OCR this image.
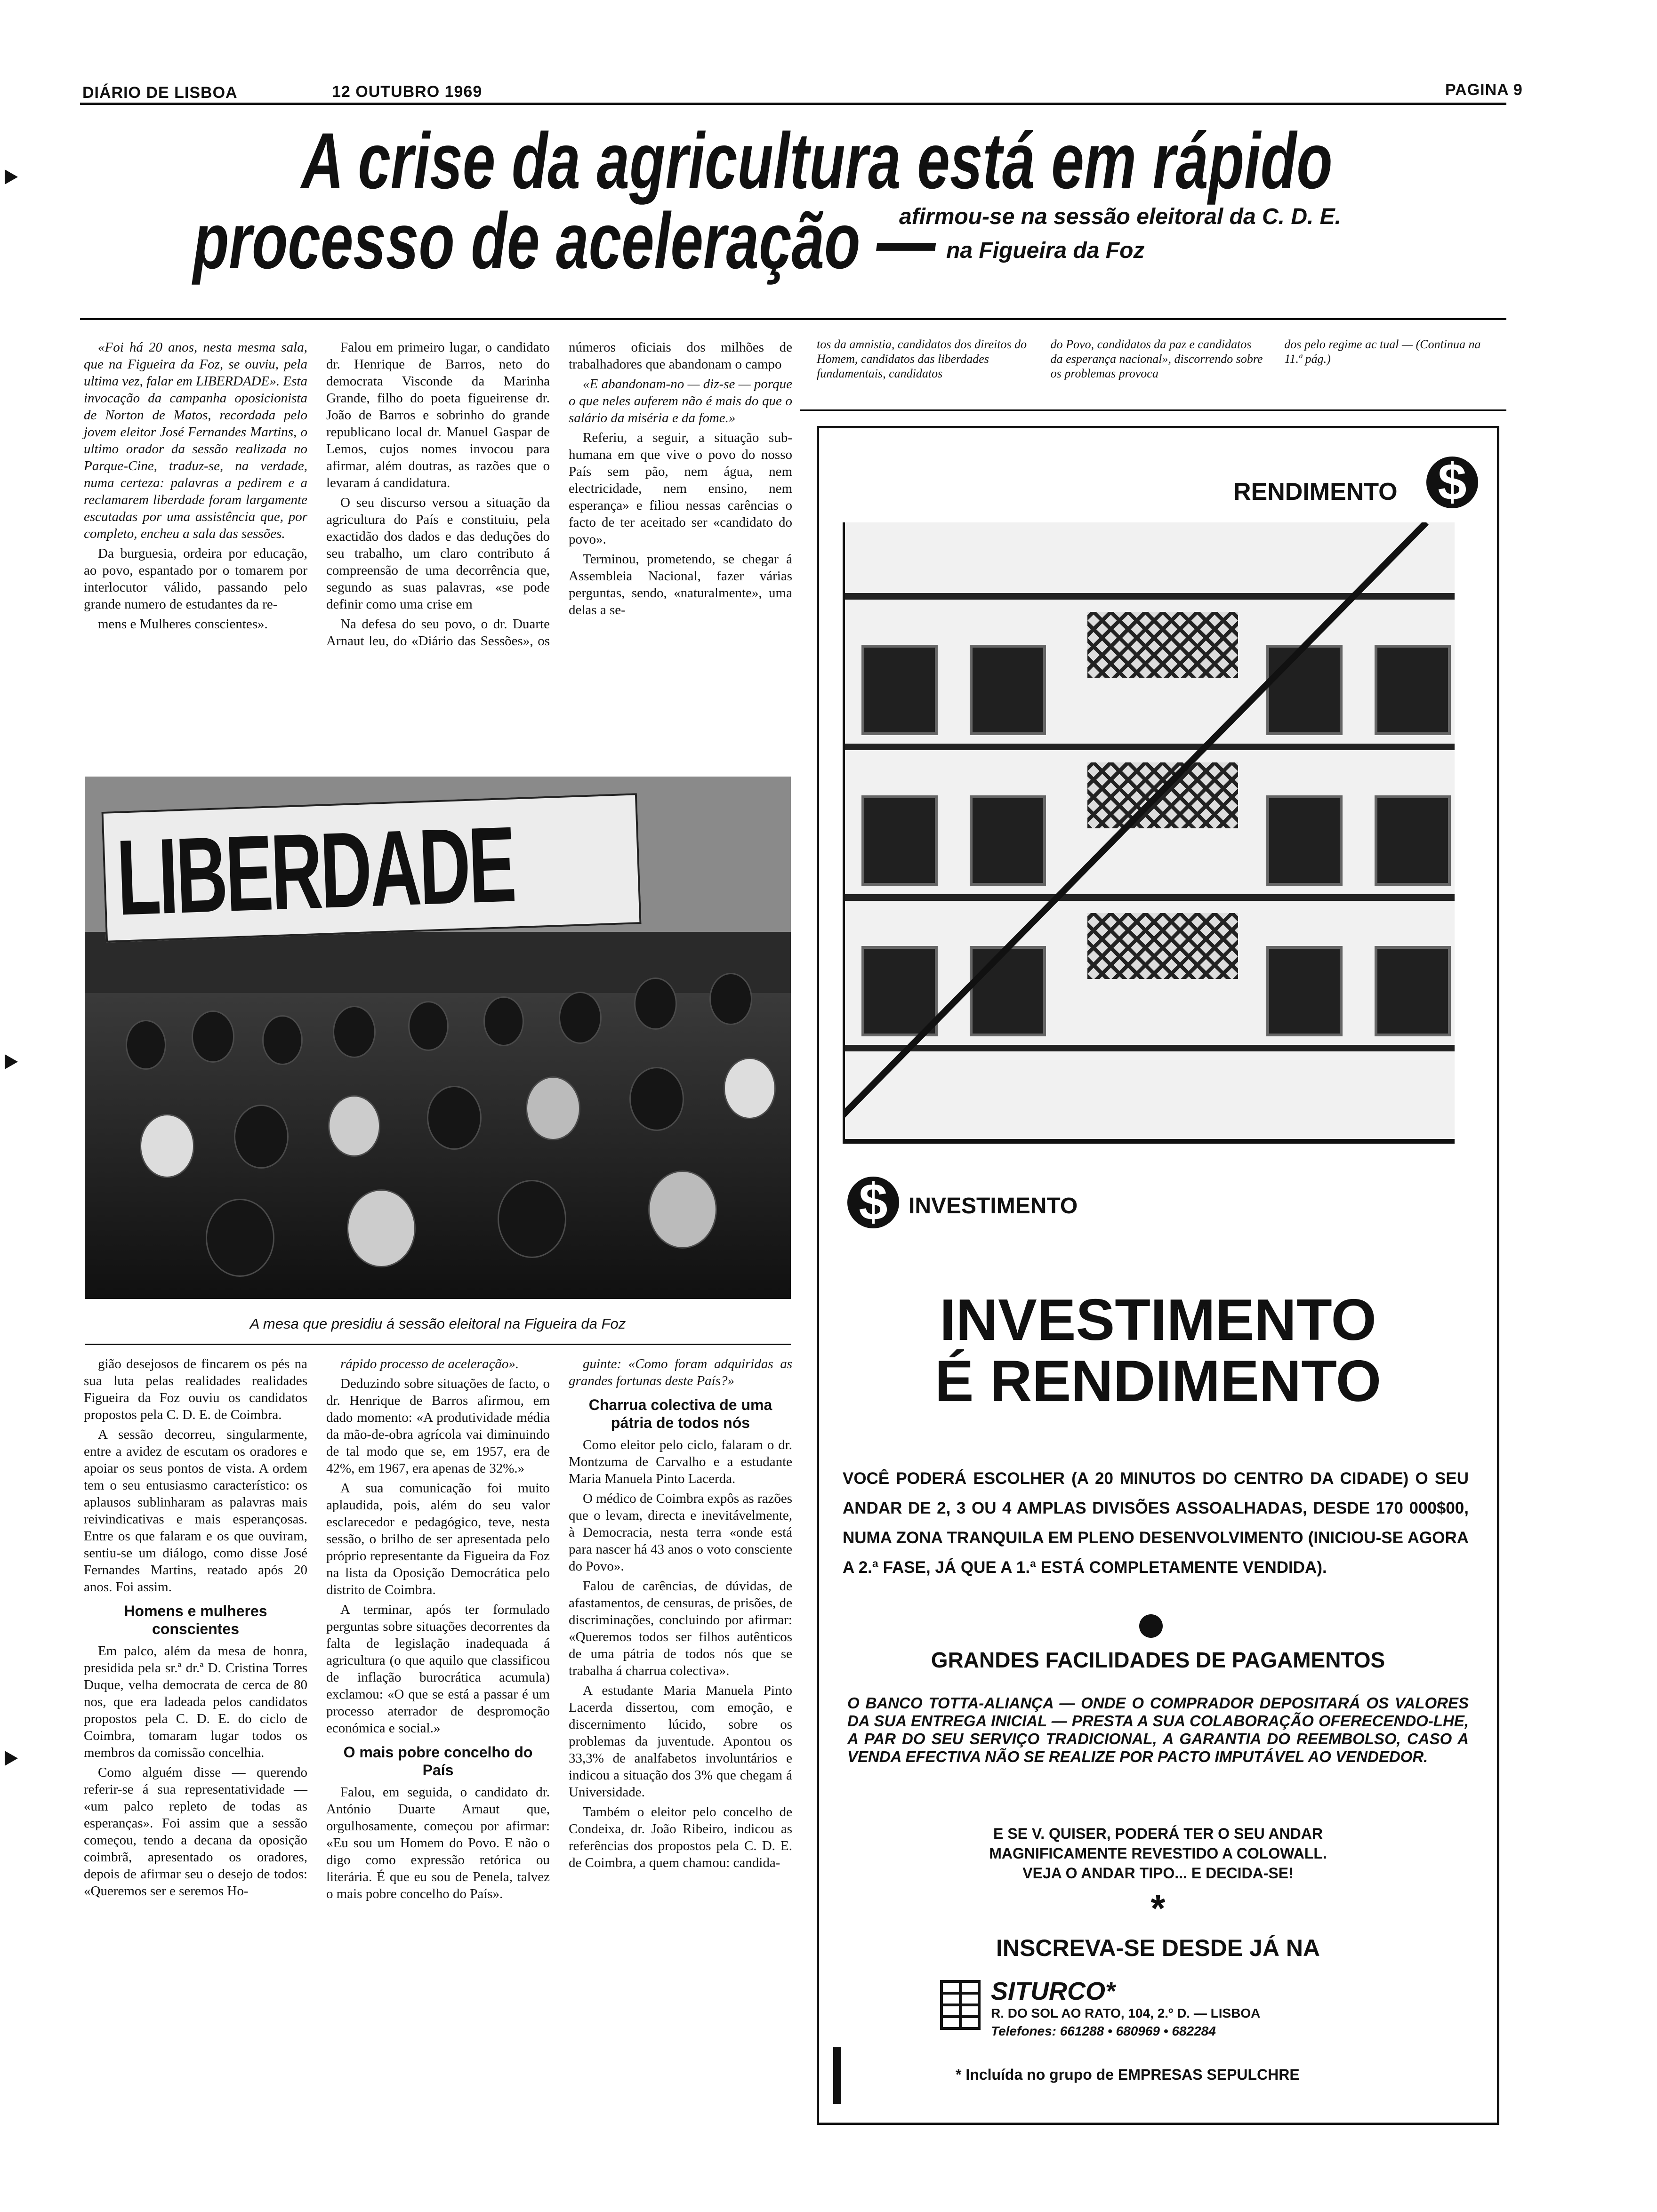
DIÁRIO DE LISBOA	12 OUTUBRO 1969	PAGINA 9
A crise da agricultura está em rápido
processo de aceleração —
afirmou-se na sessão eleitoral da C. D. E.
na Figueira da Foz

«Foi há 20 anos, nesta mesma sala, que na Figueira da Foz, se ouviu, pela ultima vez, falar em LIBERDADE». Esta invocação da campanha oposicionista de Norton de Matos, recordada pelo jovem eleitor José Fernandes Martins, o ultimo orador da sessão realizada no Parque-Cine, traduz-se, na verdade, numa certeza: palavras a pedirem e a reclamarem liberdade foram largamente escutadas por uma assistência que, por completo, encheu a sala das sessões.

Da burguesia, ordeira por educação, ao povo, espantado por o tomarem por interlocutor válido, passando pelo grande numero de estudantes da re-

mens e Mulheres conscientes».

Falou em primeiro lugar, o candidato dr. Henrique de Barros, neto do democrata Visconde da Marinha Grande, filho do poeta figueirense dr. João de Barros e sobrinho do grande republicano local dr. Manuel Gaspar de Lemos, cujos nomes invocou para afirmar, além doutras, as razões que o levaram á candidatura.

O seu discurso versou a situação da agricultura do País e constituiu, pela exactidão dos dados e das deduções do seu trabalho, um claro contributo á compreensão de uma decorrência que, segundo as suas palavras, «se pode definir como uma crise em

Na defesa do seu povo, o dr. Duarte Arnaut leu, do «Diário das Sessões», os números oficiais dos milhões de trabalhadores que abandonam o campo

«E abandonam-no — diz-se — porque o que neles auferem não é mais do que o salário da miséria e da fome.»

Referiu, a seguir, a situação sub-humana em que vive o povo do nosso País sem pão, nem água, nem electricidade, nem ensino, nem esperança» e filiou nessas carências o facto de ter aceitado ser «candidato do povo».

Terminou, prometendo, se chegar á Assembleia Nacional, fazer várias perguntas, sendo, «naturalmente», uma delas a se-

tos da amnistia, candidatos dos direitos do Homem, candidatos das liberdades fundamentais, candidatos
do Povo, candidatos da paz e candidatos da esperança nacional», discorrendo sobre os problemas provoca
dos pelo regime ac tual — (Continua na 11.ª pág.)
LIBERDADE
A mesa que presidiu á sessão eleitoral na Figueira da Foz

gião desejosos de fincarem os pés na sua luta pelas realidades realidades Figueira da Foz ouviu os candidatos propostos pela C. D. E. de Coimbra.

A sessão decorreu, singularmente, entre a avidez de escutam os oradores e apoiar os seus pontos de vista. A ordem tem o seu entusiasmo característico: os aplausos sublinharam as palavras mais reivindicativas e mais esperançosas. Entre os que falaram e os que ouviram, sentiu-se um diálogo, como disse José Fernandes Martins, reatado após 20 anos. Foi assim.

Homens e mulheres conscientes

Em palco, além da mesa de honra, presidida pela sr.ª dr.ª D. Cristina Torres Duque, velha democrata de cerca de 80 nos, que era ladeada pelos candidatos propostos pela C. D. E. do ciclo de Coimbra, tomaram lugar todos os membros da comissão concelhia.

Como alguém disse — querendo referir-se á sua representatividade — «um palco repleto de todas as esperanças». Foi assim que a sessão começou, tendo a decana da oposição coimbrã, apresentado os oradores, depois de afirmar seu o desejo de todos: «Queremos ser e seremos Ho-

rápido processo de aceleração».

Deduzindo sobre situações de facto, o dr. Henrique de Barros afirmou, em dado momento: «A produtividade média da mão-de-obra agrícola vai diminuindo de tal modo que se, em 1957, era de 42%, em 1967, era apenas de 32%.»

A sua comunicação foi muito aplaudida, pois, além do seu valor esclarecedor e pedagógico, teve, nesta sessão, o brilho de ser apresentada pelo próprio representante da Figueira da Foz na lista da Oposição Democrática pelo distrito de Coimbra.

A terminar, após ter formulado perguntas sobre situações decorrentes da falta de legislação inadequada á agricultura (o que aquilo que classificou de inflação burocrática acumula) exclamou: «O que se está a passar é um processo aterrador de despromoção económica e social.»

O mais pobre concelho do País

Falou, em seguida, o candidato dr. António Duarte Arnaut que, orgulhosamente, começou por afirmar: «Eu sou um Homem do Povo. E não o digo como expressão retórica ou literária. É que eu sou de Penela, talvez o mais pobre concelho do País».

guinte: «Como foram adquiridas as grandes fortunas deste País?»

Charrua colectiva de uma pátria de todos nós

Como eleitor pelo ciclo, falaram o dr. Montzuma de Carvalho e a estudante Maria Manuela Pinto Lacerda.

O médico de Coimbra expôs as razões que o levam, directa e inevitávelmente, à Democracia, nesta terra «onde está para nascer há 43 anos o voto consciente do Povo».

Falou de carências, de dúvidas, de afastamentos, de censuras, de prisões, de discriminações, concluindo por afirmar: «Queremos todos ser filhos autênticos de uma pátria de todos nós que se trabalha á charrua colectiva».

A estudante Maria Manuela Pinto Lacerda dissertou, com emoção, e discernimento lúcido, sobre os problemas da juventude. Apontou os 33,3% de analfabetos involuntários e indicou a situação dos 3% que chegam á Universidade.

Também o eleitor pelo concelho de Condeixa, dr. João Ribeiro, indicou as referências dos propostos pela C. D. E. de Coimbra, a quem chamou: candida-

RENDIMENTO $
$ INVESTIMENTO
INVESTIMENTO
É RENDIMENTO
VOCÊ PODERÁ ESCOLHER (A 20 MINUTOS DO CENTRO DA CIDADE) O SEU ANDAR DE 2, 3 OU 4 AMPLAS DIVISÕES ASSOALHADAS, DESDE 170 000$00, NUMA ZONA TRANQUILA EM PLENO DESENVOLVIMENTO (INICIOU-SE AGORA A 2.ª FASE, JÁ QUE A 1.ª ESTÁ COMPLETAMENTE VENDIDA).
GRANDES FACILIDADES DE PAGAMENTOS
O BANCO TOTTA-ALIANÇA — ONDE O COMPRADOR DEPOSITARÁ OS VALORES DA SUA ENTREGA INICIAL — PRESTA A SUA COLABORAÇÃO OFERECENDO-LHE, A PAR DO SEU SERVIÇO TRADICIONAL, A GARANTIA DO REEMBOLSO, CASO A VENDA EFECTIVA NÃO SE REALIZE POR PACTO IMPUTÁVEL AO VENDEDOR.
E SE V. QUISER, PODERÁ TER O SEU ANDAR
MAGNIFICAMENTE REVESTIDO A COLOWALL.
VEJA O ANDAR TIPO... E DECIDA-SE!
*
INSCREVA-SE DESDE JÁ NA
SITURCO*
R. DO SOL AO RATO, 104, 2.º D. — LISBOA
Telefones: 661288 • 680969 • 682284
* Incluída no grupo de EMPRESAS SEPULCHRE
